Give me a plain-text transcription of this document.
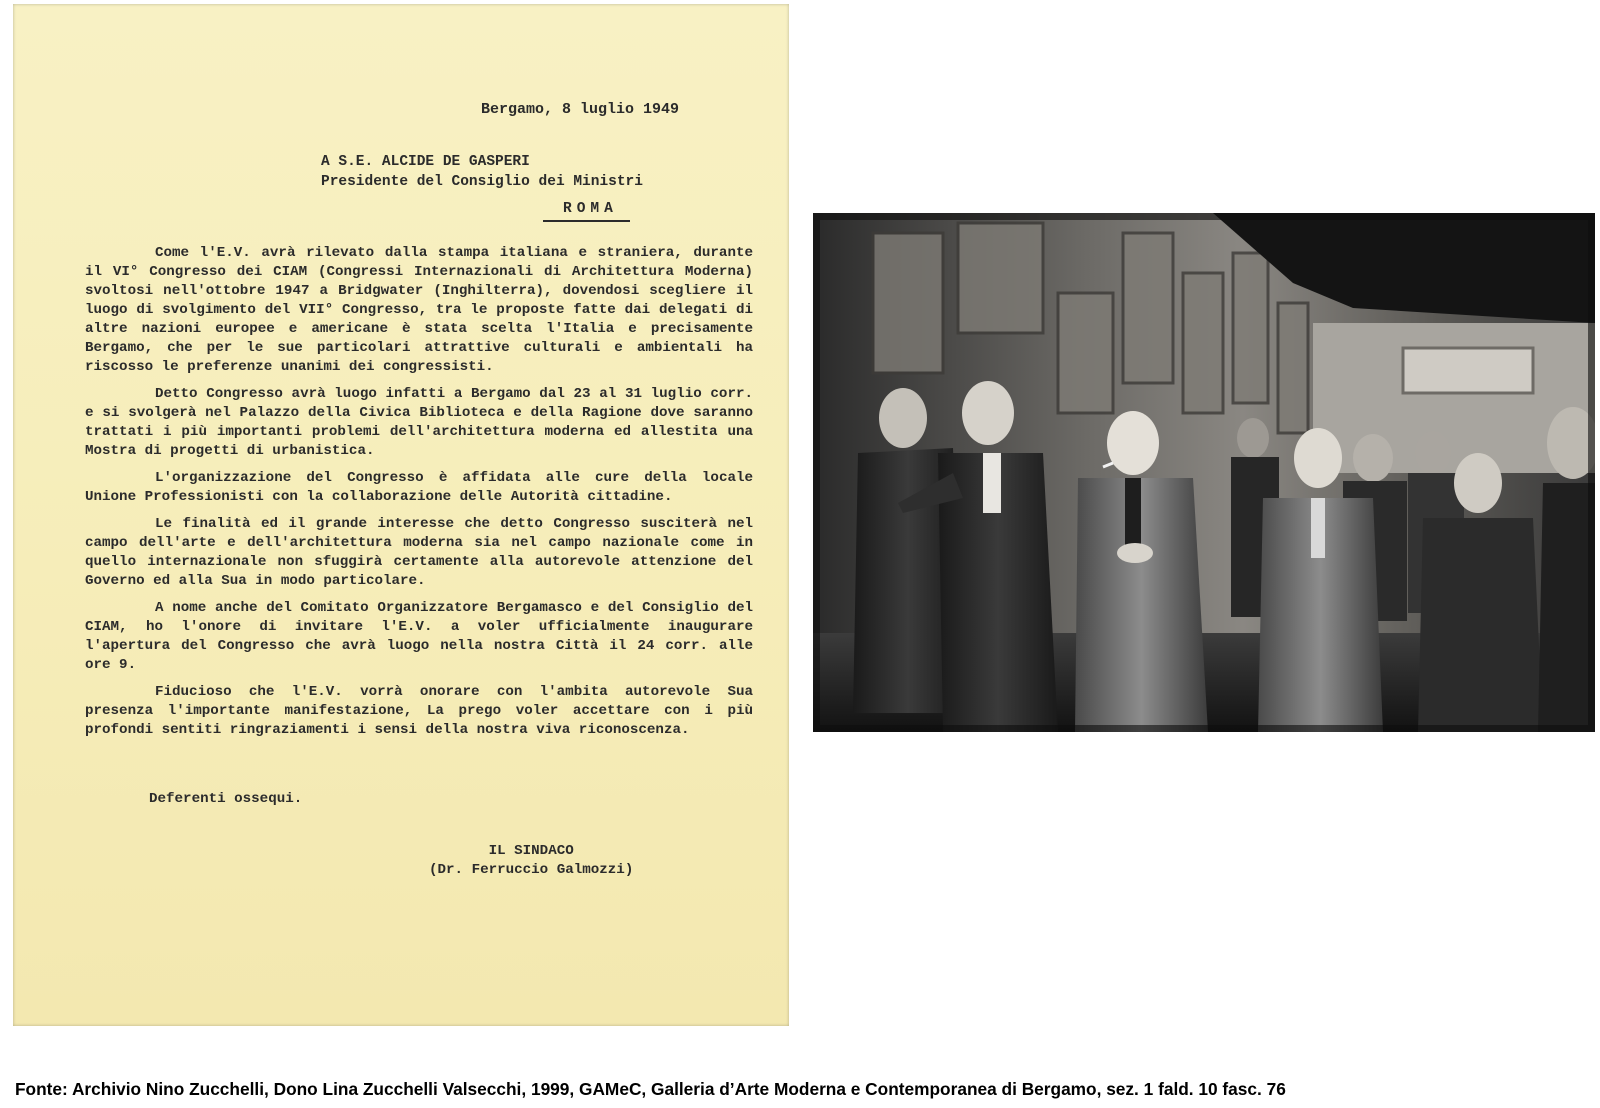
Bergamo, 8 luglio 1949
A S.E. ALCIDE DE GASPERI
Presidente del Consiglio dei Ministri
ROMA

Come l'E.V. avrà rilevato dalla stampa italiana e straniera, durante il VI° Congresso dei CIAM (Congressi Internazionali di Architettura Moderna) svoltosi nell'ottobre 1947 a Bridgwater (Inghilterra), dovendosi scegliere il luogo di svolgimento del VII° Congresso, tra le proposte fatte dai delegati di altre nazioni europee e americane è stata scelta l'Italia e precisamente Bergamo, che per le sue particolari attrattive culturali e ambientali ha riscosso le preferenze unanimi dei congressisti.

Detto Congresso avrà luogo infatti a Bergamo dal 23 al 31 luglio corr. e si svolgerà nel Palazzo della Civica Biblioteca e della Ragione dove saranno trattati i più importanti problemi dell'architettura moderna ed allestita una Mostra di progetti di urbanistica.

L'organizzazione del Congresso è affidata alle cure della locale Unione Professionisti con la collaborazione delle Autorità cittadine.

Le finalità ed il grande interesse che detto Congresso susciterà nel campo dell'arte e dell'architettura moderna sia nel campo nazionale come in quello internazionale non sfuggirà certamente alla autorevole attenzione del Governo ed alla Sua in modo particolare.

A nome anche del Comitato Organizzatore Bergamasco e del Consiglio del CIAM, ho l'onore di invitare l'E.V. a voler ufficialmente inaugurare l'apertura del Congresso che avrà luogo nella nostra Città il 24 corr. alle ore 9.

Fiducioso che l'E.V. vorrà onorare con l'ambita autorevole Sua presenza l'importante manifestazione, La prego voler accettare con i più profondi sentiti ringraziamenti i sensi della nostra viva riconoscenza.

Deferenti ossequi.
IL SINDACO
(Dr. Ferruccio Galmozzi)
Fonte: Archivio Nino Zucchelli, Dono Lina Zucchelli Valsecchi, 1999, GAMeC, Galleria d’Arte Moderna e Contemporanea di Bergamo, sez. 1 fald. 10 fasc. 76
